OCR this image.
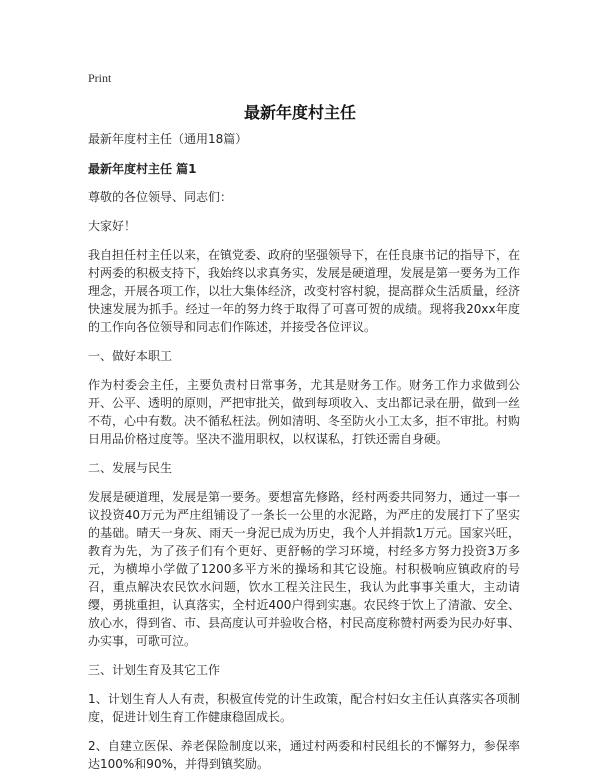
Print
最新年度村主任

最新年度村主任（通用18篇）

最新年度村主任 篇1

尊敬的各位领导、同志们：

大家好！

我自担任村主任以来，在镇党委、政府的坚强领导下，在任良康书记的指导下，在村两委的积极支持下，我始终以求真务实，发展是硬道理，发展是第一要务为工作理念，开展各项工作，以壮大集体经济，改变村容村貌，提高群众生活质量，经济快速发展为抓手。经过一年的努力终于取得了可喜可贺的成绩。现将我20xx年度的工作向各位领导和同志们作陈述，并接受各位评议。

一、做好本职工

作为村委会主任，主要负责村日常事务，尤其是财务工作。财务工作力求做到公开、公平、透明的原则，严把审批关，做到每项收入、支出都记录在册，做到一丝不苟，心中有数。决不循私枉法。例如清明、冬至防火小工太多，拒不审批。村购日用品价格过度等。坚决不滥用职权，以权谋私，打铁还需自身硬。

二、发展与民生

发展是硬道理，发展是第一要务。要想富先修路，经村两委共同努力，通过一事一议投资40万元为严庄组铺设了一条长一公里的水泥路，为严庄的发展打下了坚实的基础。晴天一身灰、雨天一身泥已成为历史，我个人并捐款1万元。国家兴旺，教育为先，为了孩子们有个更好、更舒畅的学习环境，村经多方努力投资3万多元，为横埠小学做了1200多平方米的操场和其它设施。村积极响应镇政府的号召，重点解决农民饮水问题，饮水工程关注民生，我认为此事事关重大，主动请缨，勇挑重担，认真落实，全村近400户得到实惠。农民终于饮上了清澈、安全、放心水，得到省、市、县高度认可并验收合格，村民高度称赞村两委为民办好事、办实事，可歌可泣。

三、计划生育及其它工作

1、计划生育人人有责，积极宣传党的计生政策，配合村妇女主任认真落实各项制度，促进计划生育工作健康稳固成长。

2、自建立医保、养老保险制度以来，通过村两委和村民组长的不懈努力，参保率达100%和90%，并得到镇奖励。
